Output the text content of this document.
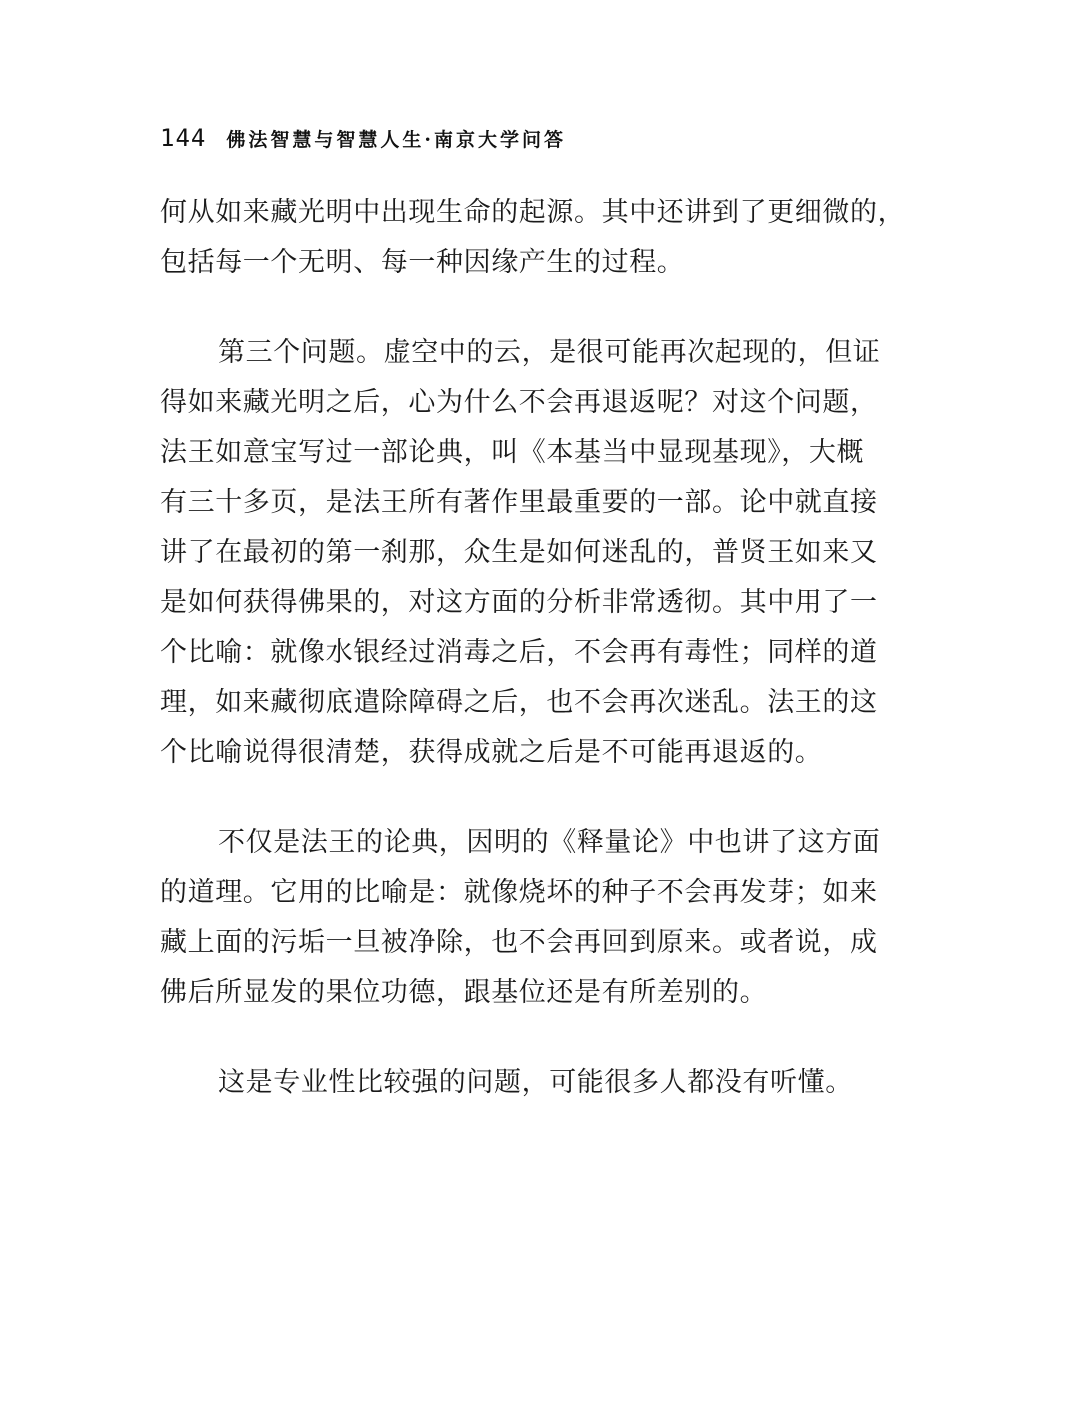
144 佛法智慧与智慧人生·南京大学问答
何从如来藏光明中出现生命的起源。其中还讲到了更细微的，
包括每一个无明、每一种因缘产生的过程。
第三个问题。虚空中的云，是很可能再次起现的，但证
得如来藏光明之后，心为什么不会再退返呢？对这个问题，
法王如意宝写过一部论典，叫《本基当中显现基现》，大概
有三十多页，是法王所有著作里最重要的一部。论中就直接
讲了在最初的第一刹那，众生是如何迷乱的，普贤王如来又
是如何获得佛果的，对这方面的分析非常透彻。其中用了一
个比喻：就像水银经过消毒之后，不会再有毒性；同样的道
理，如来藏彻底遣除障碍之后，也不会再次迷乱。法王的这
个比喻说得很清楚，获得成就之后是不可能再退返的。
不仅是法王的论典，因明的《释量论》中也讲了这方面
的道理。它用的比喻是：就像烧坏的种子不会再发芽；如来
藏上面的污垢一旦被净除，也不会再回到原来。或者说，成
佛后所显发的果位功德，跟基位还是有所差别的。
这是专业性比较强的问题，可能很多人都没有听懂。
